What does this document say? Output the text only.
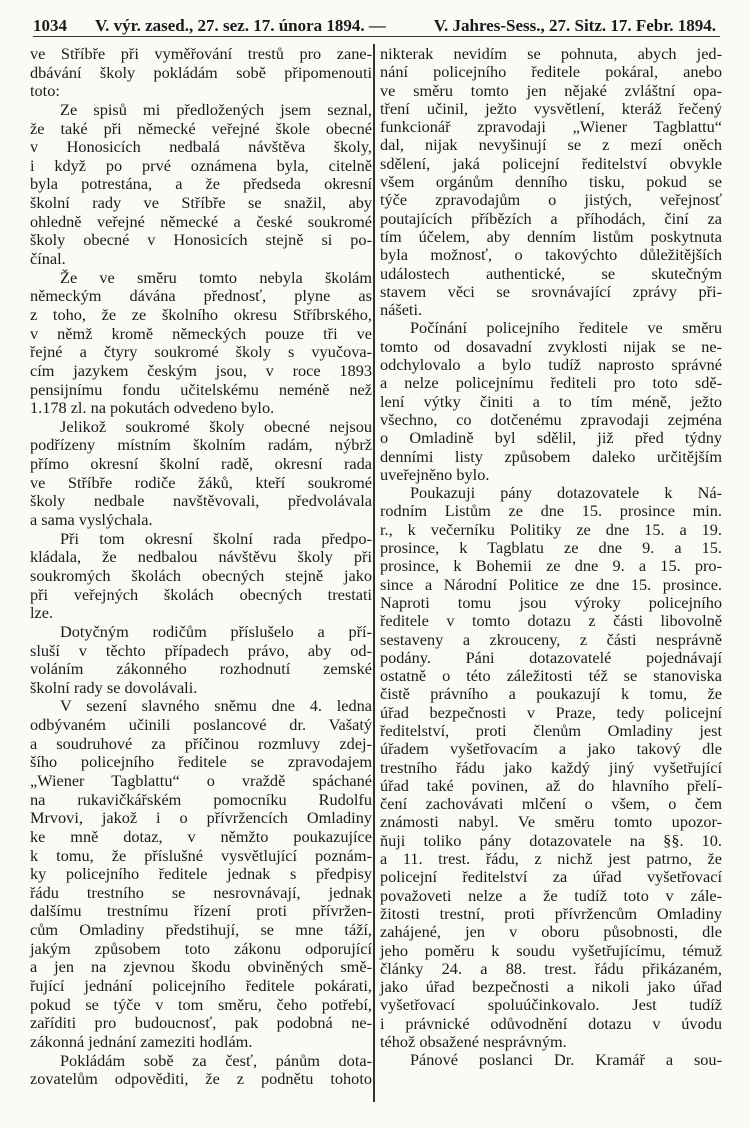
1034 V. výr. zased., 27. sez. 17. února 1894. —	V. Jahres-Sess., 27. Sitz. 17. Febr. 1894.
ve Stříbře při vyměřování trestů pro zane-
dbávání školy pokládám sobě připomenouti
toto:
Ze spisů mi předložených jsem seznal,
že také při německé veřejné škole obecné
v Honosicích nedbalá návštěva školy,
i když po prvé oznámena byla, citelně
byla potrestána, a že předseda okresní
školní rady ve Stříbře se snažil, aby
ohledně veřejné německé a české soukromé
školy obecné v Honosicích stejně si po-
čínal.
Že ve směru tomto nebyla školám
německým dávána přednosť, plyne as
z toho, že ze školního okresu Stříbrského,
v němž kromě německých pouze tři ve
řejné a čtyry soukromé školy s vyučova-
cím jazykem českým jsou, v roce 1893
pensijnímu fondu učitelskému neméně než
1.178 zl. na pokutách odvedeno bylo.
Jelikož soukromé školy obecné nejsou
podřízeny místním školním radám, nýbrž
přímo okresní školní radě, okresní rada
ve Stříbře rodiče žáků, kteří soukromé
školy nedbale navštěvovali, předvolávala
a sama vyslýchala.
Při tom okresní školní rada předpo-
kládala, že nedbalou návštěvu školy při
soukromých školách obecných stejně jako
při veřejných školách obecných trestati
lze.
Dotyčným rodičům příslušelo a pří-
sluší v těchto případech právo, aby od-
voláním zákonného rozhodnutí zemské
školní rady se dovolávali.
V sezení slavného sněmu dne 4. ledna
odbývaném učinili poslancové dr. Vašatý
a soudruhové za příčinou rozmluvy zdej-
šího policejního ředitele se zpravodajem
„Wiener Tagblattu“ o vraždě spáchané
na rukavičkářském pomocníku Rudolfu
Mrvovi, jakož i o přívržencích Omladiny
ke mně dotaz, v němžto poukazujíce
k tomu, že příslušné vysvětlující poznám-
ky policejního ředitele jednak s předpisy
řádu trestního se nesrovnávají, jednak
dalšímu trestnímu řízení proti přívržen-
cům Omladiny předstihují, se mne táží,
jakým způsobem toto zákonu odporující
a jen na zjevnou škodu obviněných smě-
řující jednání policejního ředitele pokárati,
pokud se týče v tom směru, čeho potřebí,
zaříditi pro budoucnosť, pak podobná ne-
zákonná jednání zameziti hodlám.
Pokládám sobě za česť, pánům dota-
zovatelům odpověditi, že z podnětu tohoto
nikterak nevidím se pohnuta, abych jed-
nání policejního ředitele pokáral, anebo
ve směru tomto jen nějaké zvláštní opa-
tření učinil, ježto vysvětlení, kteráž řečený
funkcionář zpravodaji „Wiener Tagblattu“
dal, nijak nevyšinují se z mezí oněch
sdělení, jaká policejní ředitelství obvykle
všem orgánům denního tisku, pokud se
týče zpravodajům o jistých, veřejnosť
poutajících příbězích a příhodách, činí za
tím účelem, aby denním listům poskytnuta
byla možnosť, o takovýchto důležitějších
událostech authentické, se skutečným
stavem věci se srovnávající zprávy při-
nášeti.
Počínání policejního ředitele ve směru
tomto od dosavadní zvyklosti nijak se ne-
odchylovalo a bylo tudíž naprosto správné
a nelze policejnímu řediteli pro toto sdě-
lení výtky činiti a to tím méně, ježto
všechno, co dotčenému zpravodaji zejména
o Omladině byl sdělil, již před týdny
denními listy způsobem daleko určitějším
uveřejněno bylo.
Poukazuji pány dotazovatele k Ná-
rodním Listům ze dne 15. prosince min.
r., k večerníku Politiky ze dne 15. a 19.
prosince, k Tagblatu ze dne 9. a 15.
prosince, k Bohemii ze dne 9. a 15. pro-
since a Národní Politice ze dne 15. prosince.
Naproti tomu jsou výroky policejního
ředitele v tomto dotazu z části libovolně
sestaveny a zkrouceny, z části nesprávně
podány. Páni dotazovatelé pojednávají
ostatně o této záležitosti též se stanoviska
čistě právního a poukazují k tomu, že
úřad bezpečnosti v Praze, tedy policejní
ředitelství, proti členům Omladiny jest
úřadem vyšetřovacím a jako takový dle
trestního řádu jako každý jiný vyšetřující
úřad také povinen, až do hlavního přelí-
čení zachovávati mlčení o všem, o čem
známosti nabyl. Ve směru tomto upozor-
ňuji toliko pány dotazovatele na §§. 10.
a 11. trest. řádu, z nichž jest patrno, že
policejní ředitelství za úřad vyšetřovací
považoveti nelze a že tudíž toto v zále-
žitosti trestní, proti přívržencům Omladiny
zahájené, jen v oboru působnosti, dle
jeho poměru k soudu vyšetřujícímu, témuž
články 24. a 88. trest. řádu přikázaném,
jako úřad bezpečnosti a nikoli jako úřad
vyšetřovací spoluúčinkovalo. Jest tudíž
i právnické odůvodnění dotazu v úvodu
téhož obsažené nesprávným.
Pánové poslanci Dr. Kramář a sou-
